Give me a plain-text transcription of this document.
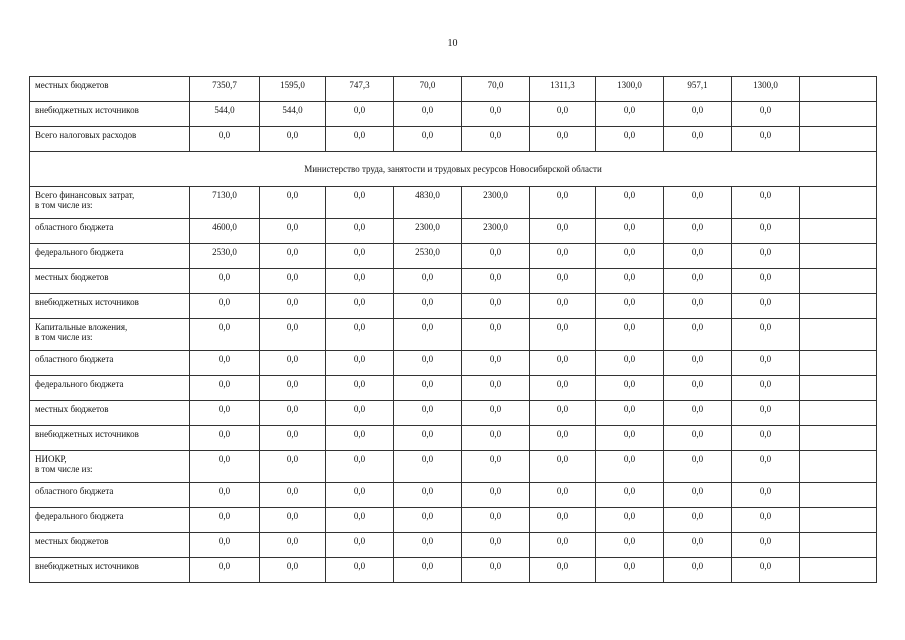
10
местных бюджетов	7350,7	1595,0	747,3	70,0	70,0	1311,3	1300,0	957,1	1300,0	
внебюджетных источников	544,0	544,0	0,0	0,0	0,0	0,0	0,0	0,0	0,0	
Всего налоговых расходов	0,0	0,0	0,0	0,0	0,0	0,0	0,0	0,0	0,0	
Министерство труда, занятости и трудовых ресурсов Новосибирской области										
Всего финансовых затрат,
в том числе из:	7130,0	0,0	0,0	4830,0	2300,0	0,0	0,0	0,0	0,0	
областного бюджета	4600,0	0,0	0,0	2300,0	2300,0	0,0	0,0	0,0	0,0	
федерального бюджета	2530,0	0,0	0,0	2530,0	0,0	0,0	0,0	0,0	0,0	
местных бюджетов	0,0	0,0	0,0	0,0	0,0	0,0	0,0	0,0	0,0	
внебюджетных источников	0,0	0,0	0,0	0,0	0,0	0,0	0,0	0,0	0,0	
Капитальные вложения,
в том числе из:	0,0	0,0	0,0	0,0	0,0	0,0	0,0	0,0	0,0	
областного бюджета	0,0	0,0	0,0	0,0	0,0	0,0	0,0	0,0	0,0	
федерального бюджета	0,0	0,0	0,0	0,0	0,0	0,0	0,0	0,0	0,0	
местных бюджетов	0,0	0,0	0,0	0,0	0,0	0,0	0,0	0,0	0,0	
внебюджетных источников	0,0	0,0	0,0	0,0	0,0	0,0	0,0	0,0	0,0	
НИОКР,
в том числе из:	0,0	0,0	0,0	0,0	0,0	0,0	0,0	0,0	0,0	
областного бюджета	0,0	0,0	0,0	0,0	0,0	0,0	0,0	0,0	0,0	
федерального бюджета	0,0	0,0	0,0	0,0	0,0	0,0	0,0	0,0	0,0	
местных бюджетов	0,0	0,0	0,0	0,0	0,0	0,0	0,0	0,0	0,0	
внебюджетных источников	0,0	0,0	0,0	0,0	0,0	0,0	0,0	0,0	0,0	
